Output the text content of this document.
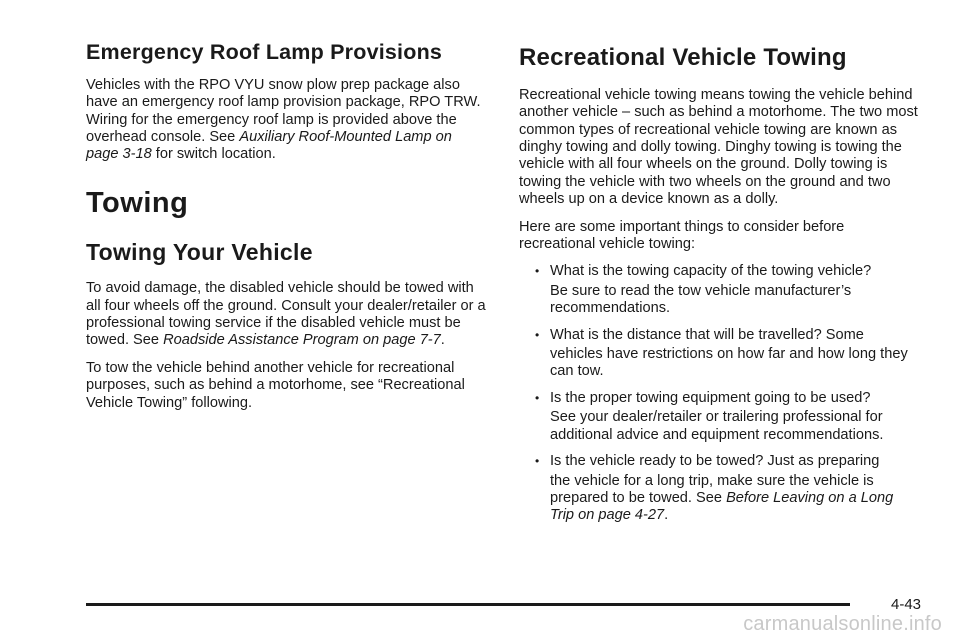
Emergency Roof Lamp Provisions

Vehicles with the RPO VYU snow plow prep package also have an emergency roof lamp provision package, RPO TRW. Wiring for the emergency roof lamp is provided above the overhead console. See Auxiliary Roof-Mounted Lamp on page 3-18 for switch location.

Towing
Towing Your Vehicle

To avoid damage, the disabled vehicle should be towed with all four wheels off the ground. Consult your dealer/retailer or a professional towing service if the disabled vehicle must be towed. See Roadside Assistance Program on page 7-7.

To tow the vehicle behind another vehicle for recreational purposes, such as behind a motorhome, see “Recreational Vehicle Towing” following.

Recreational Vehicle Towing

Recreational vehicle towing means towing the vehicle behind another vehicle – such as behind a motorhome. The two most common types of recreational vehicle towing are known as dinghy towing and dolly towing. Dinghy towing is towing the vehicle with all four wheels on the ground. Dolly towing is towing the vehicle with two wheels on the ground and two wheels up on a device known as a dolly.

Here are some important things to consider before recreational vehicle towing:

• What is the towing capacity of the towing vehicle?
Be sure to read the tow vehicle manufacturer’s recommendations.
• What is the distance that will be travelled? Some
vehicles have restrictions on how far and how long they can tow.
• Is the proper towing equipment going to be used?
See your dealer/retailer or trailering professional for additional advice and equipment recommendations.
• Is the vehicle ready to be towed? Just as preparing
the vehicle for a long trip, make sure the vehicle is prepared to be towed. See Before Leaving on a Long Trip on page 4-27.
4-43
carmanualsonline.info
